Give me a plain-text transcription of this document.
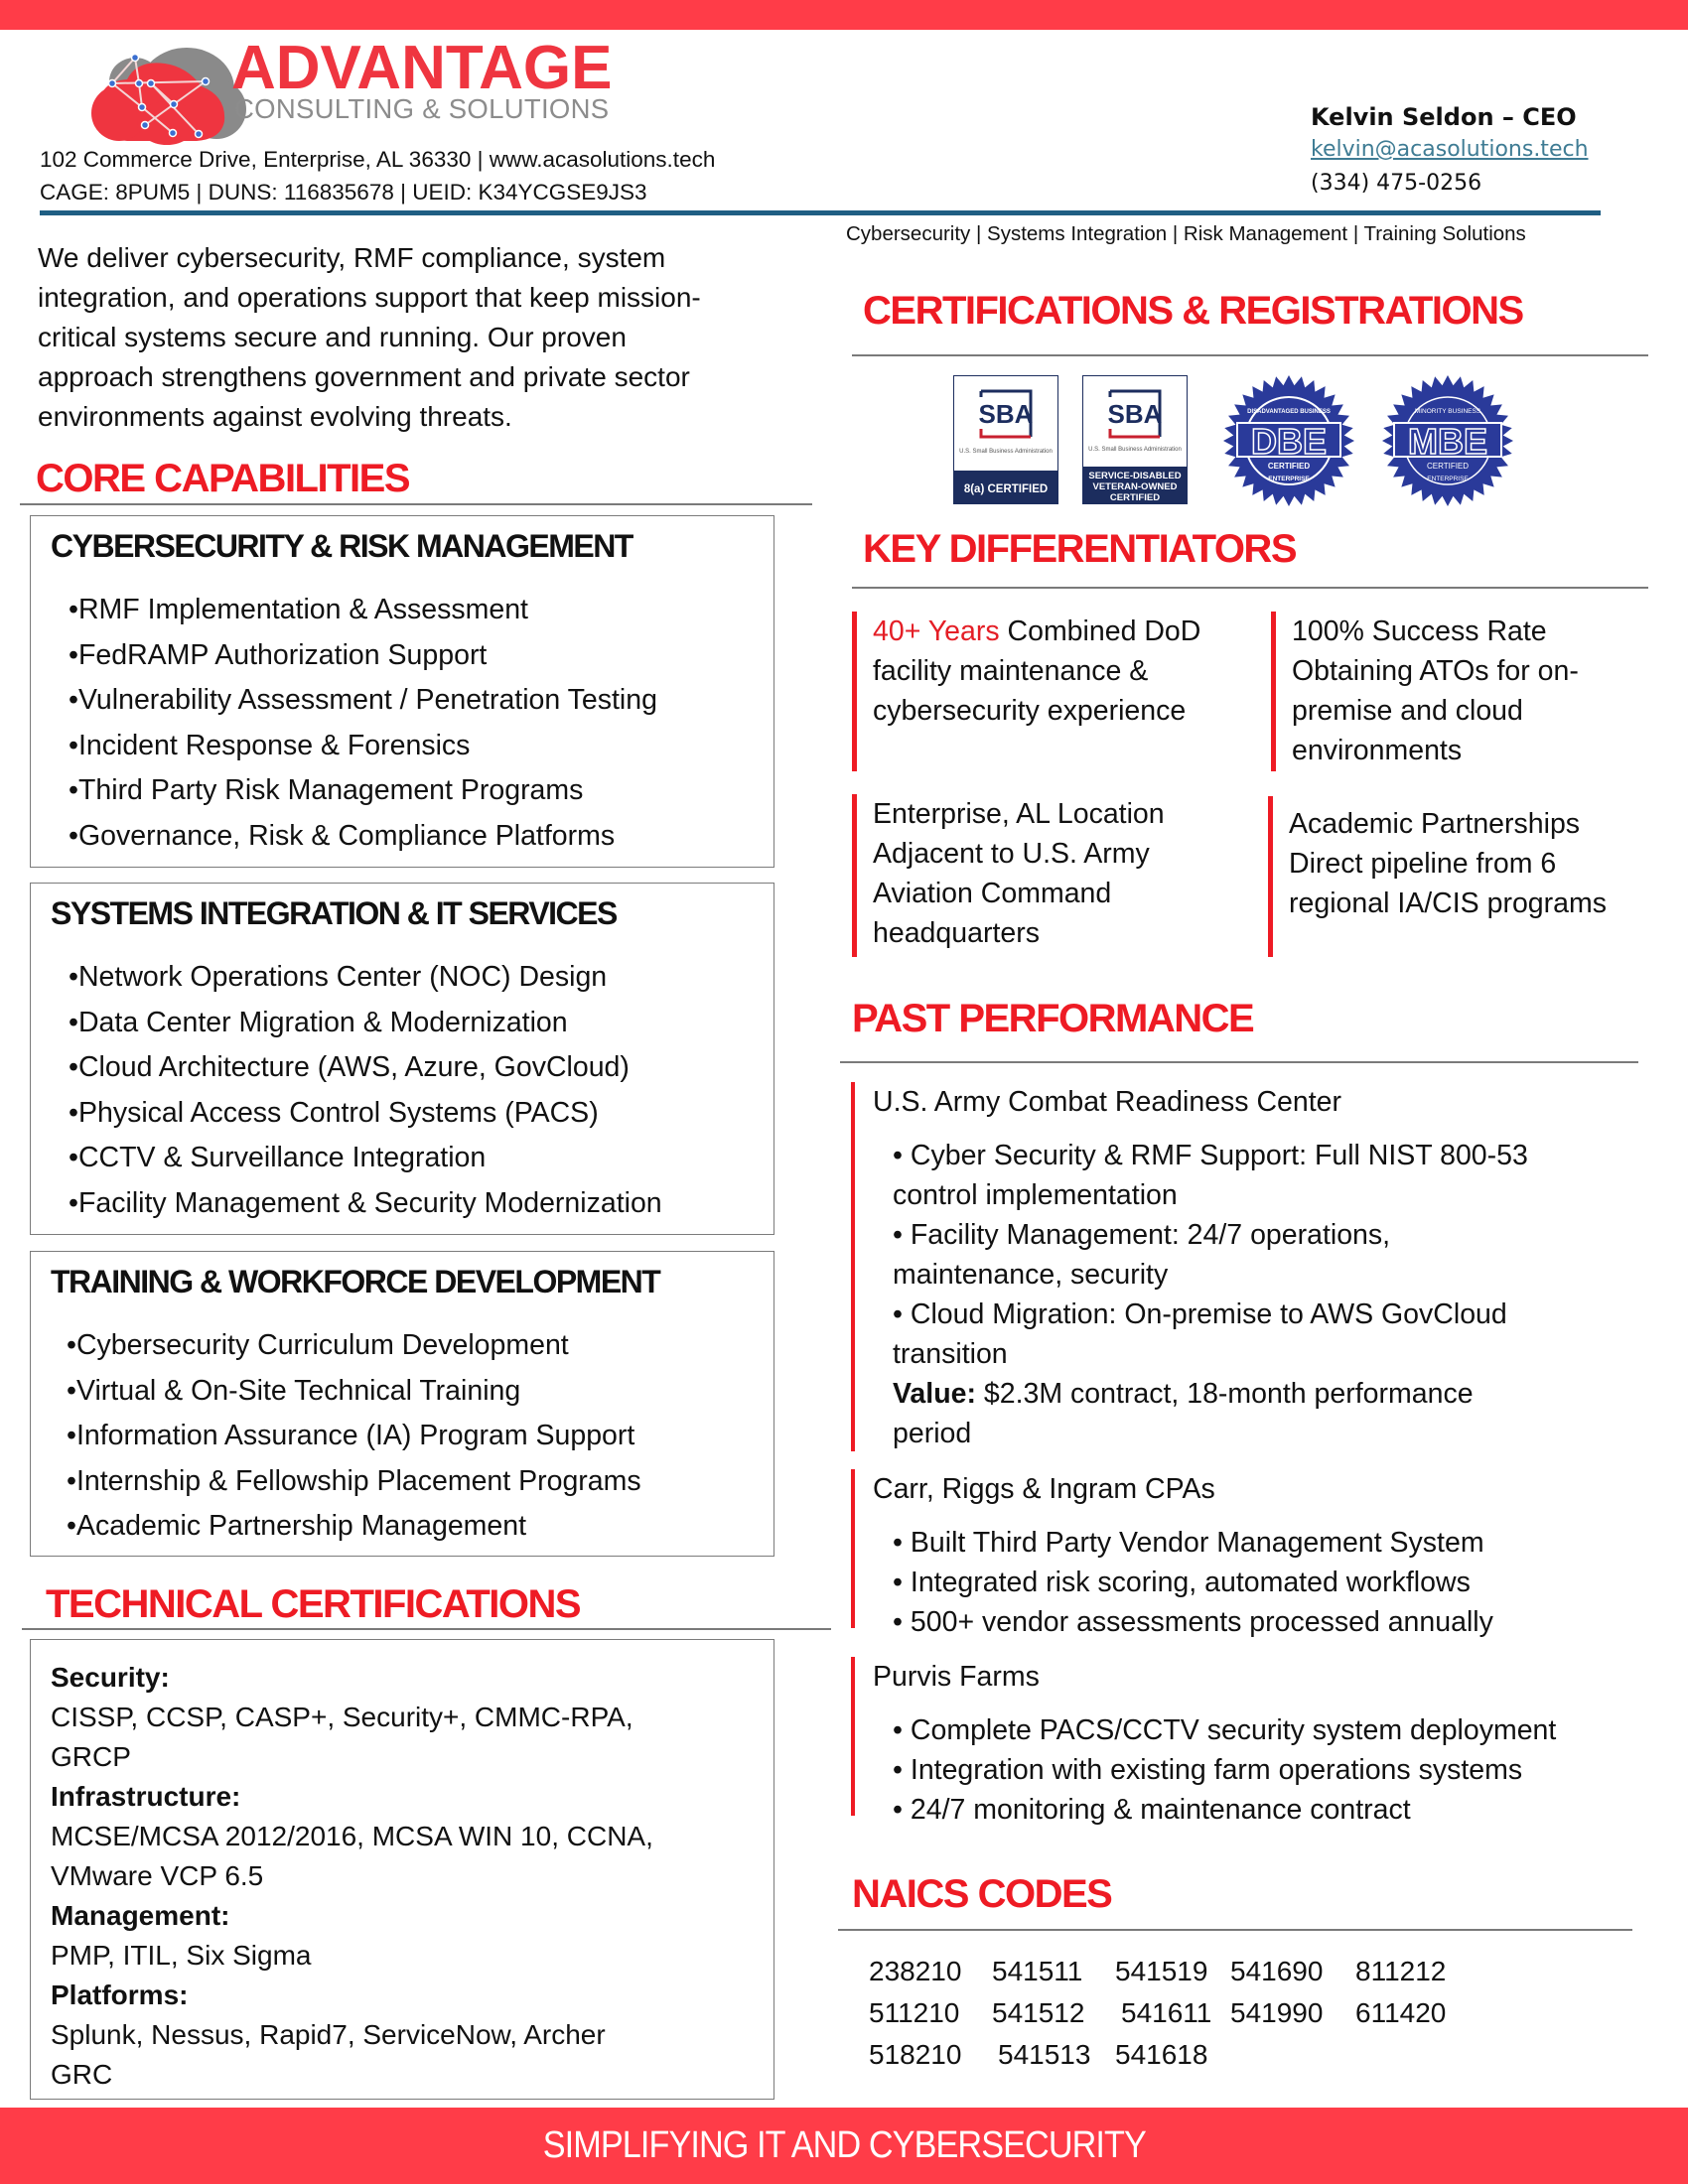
ADVANTAGE
CONSULTING & SOLUTIONS
102 Commerce Drive, Enterprise, AL 36330 | www.acasolutions.tech
CAGE: 8PUM5 | DUNS: 116835678 | UEID: K34YCGSE9JS3
Kelvin Seldon – CEO
kelvin@acasolutions.tech
(334) 475-0256
Cybersecurity | Systems Integration | Risk Management | Training Solutions
We deliver cybersecurity, RMF compliance, system
integration, and operations support that keep mission-
critical systems secure and running. Our proven
approach strengthens government and private sector
environments against evolving threats.
CORE CAPABILITIES
CYBERSECURITY & RISK MANAGEMENT
•RMF Implementation & Assessment
•FedRAMP Authorization Support
•Vulnerability Assessment / Penetration Testing
•Incident Response & Forensics
•Third Party Risk Management Programs
•Governance, Risk & Compliance Platforms
SYSTEMS INTEGRATION & IT SERVICES
•Network Operations Center (NOC) Design
•Data Center Migration & Modernization
•Cloud Architecture (AWS, Azure, GovCloud)
•Physical Access Control Systems (PACS)
•CCTV & Surveillance Integration
•Facility Management & Security Modernization
TRAINING & WORKFORCE DEVELOPMENT
•Cybersecurity Curriculum Development
•Virtual & On-Site Technical Training
•Information Assurance (IA) Program Support
•Internship & Fellowship Placement Programs
•Academic Partnership Management
TECHNICAL CERTIFICATIONS
Security:
CISSP, CCSP, CASP+, Security+, CMMC-RPA,
GRCP
Infrastructure:
MCSE/MCSA 2012/2016, MCSA WIN 10, CCNA,
VMware VCP 6.5
Management:
PMP, ITIL, Six Sigma
Platforms:
Splunk, Nessus, Rapid7, ServiceNow, Archer
GRC
CERTIFICATIONS & REGISTRATIONS
SBA
U.S. Small Business Administration
8(a) CERTIFIED
SBA
U.S. Small Business Administration
SERVICE-DISABLED
VETERAN-OWNED
CERTIFIED
DBE
DISADVANTAGED BUSINESS
CERTIFIED
ENTERPRISE
MBE
MINORITY BUSINESS
CERTIFIED
ENTERPRISE
KEY DIFFERENTIATORS
40+ Years Combined DoD
facility maintenance &
cybersecurity experience
100% Success Rate
Obtaining ATOs for on-
premise and cloud
environments
Enterprise, AL Location
Adjacent to U.S. Army
Aviation Command
headquarters
Academic Partnerships
Direct pipeline from 6
regional IA/CIS programs
PAST PERFORMANCE
U.S. Army Combat Readiness Center
• Cyber Security & RMF Support: Full NIST 800-53
control implementation
• Facility Management: 24/7 operations,
maintenance, security
• Cloud Migration: On-premise to AWS GovCloud
transition
Value: $2.3M contract, 18-month performance
period
Carr, Riggs & Ingram CPAs
• Built Third Party Vendor Management System
• Integrated risk scoring, automated workflows
• 500+ vendor assessments processed annually
Purvis Farms
• Complete PACS/CCTV security system deployment
• Integration with existing farm operations systems
• 24/7 monitoring & maintenance contract
NAICS CODES
238210	541511	541519 541690	811212
511210	541512	541611 541990	611420
518210	541513 541618
SIMPLIFYING IT AND CYBERSECURITY
